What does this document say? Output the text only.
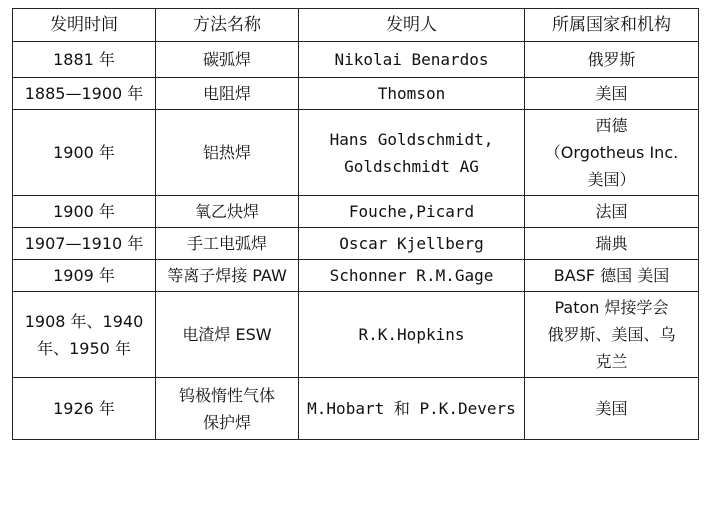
发明时间	方法名称	发明人	所属国家和机构

1881 年	碳弧焊	Nikolai Benardos	俄罗斯

1885—1900 年	电阻焊	Thomson	美国

1900 年	铝热焊	Hans Goldschmidt,
Goldschmidt AG	西德
（Orgotheus Inc.
美国）

1900 年	氧乙炔焊	Fouche,Picard	法国

1907—1910 年	手工电弧焊	Oscar Kjellberg	瑞典

1909 年	等离子焊接 PAW	Schonner R.M.Gage	BASF 德国 美国

1908 年、1940
年、1950 年	电渣焊 ESW	R.K.Hopkins	Paton 焊接学会
俄罗斯、美国、乌
克兰

1926 年	钨极惰性气体
保护焊	M.Hobart 和 P.K.Devers	美国
